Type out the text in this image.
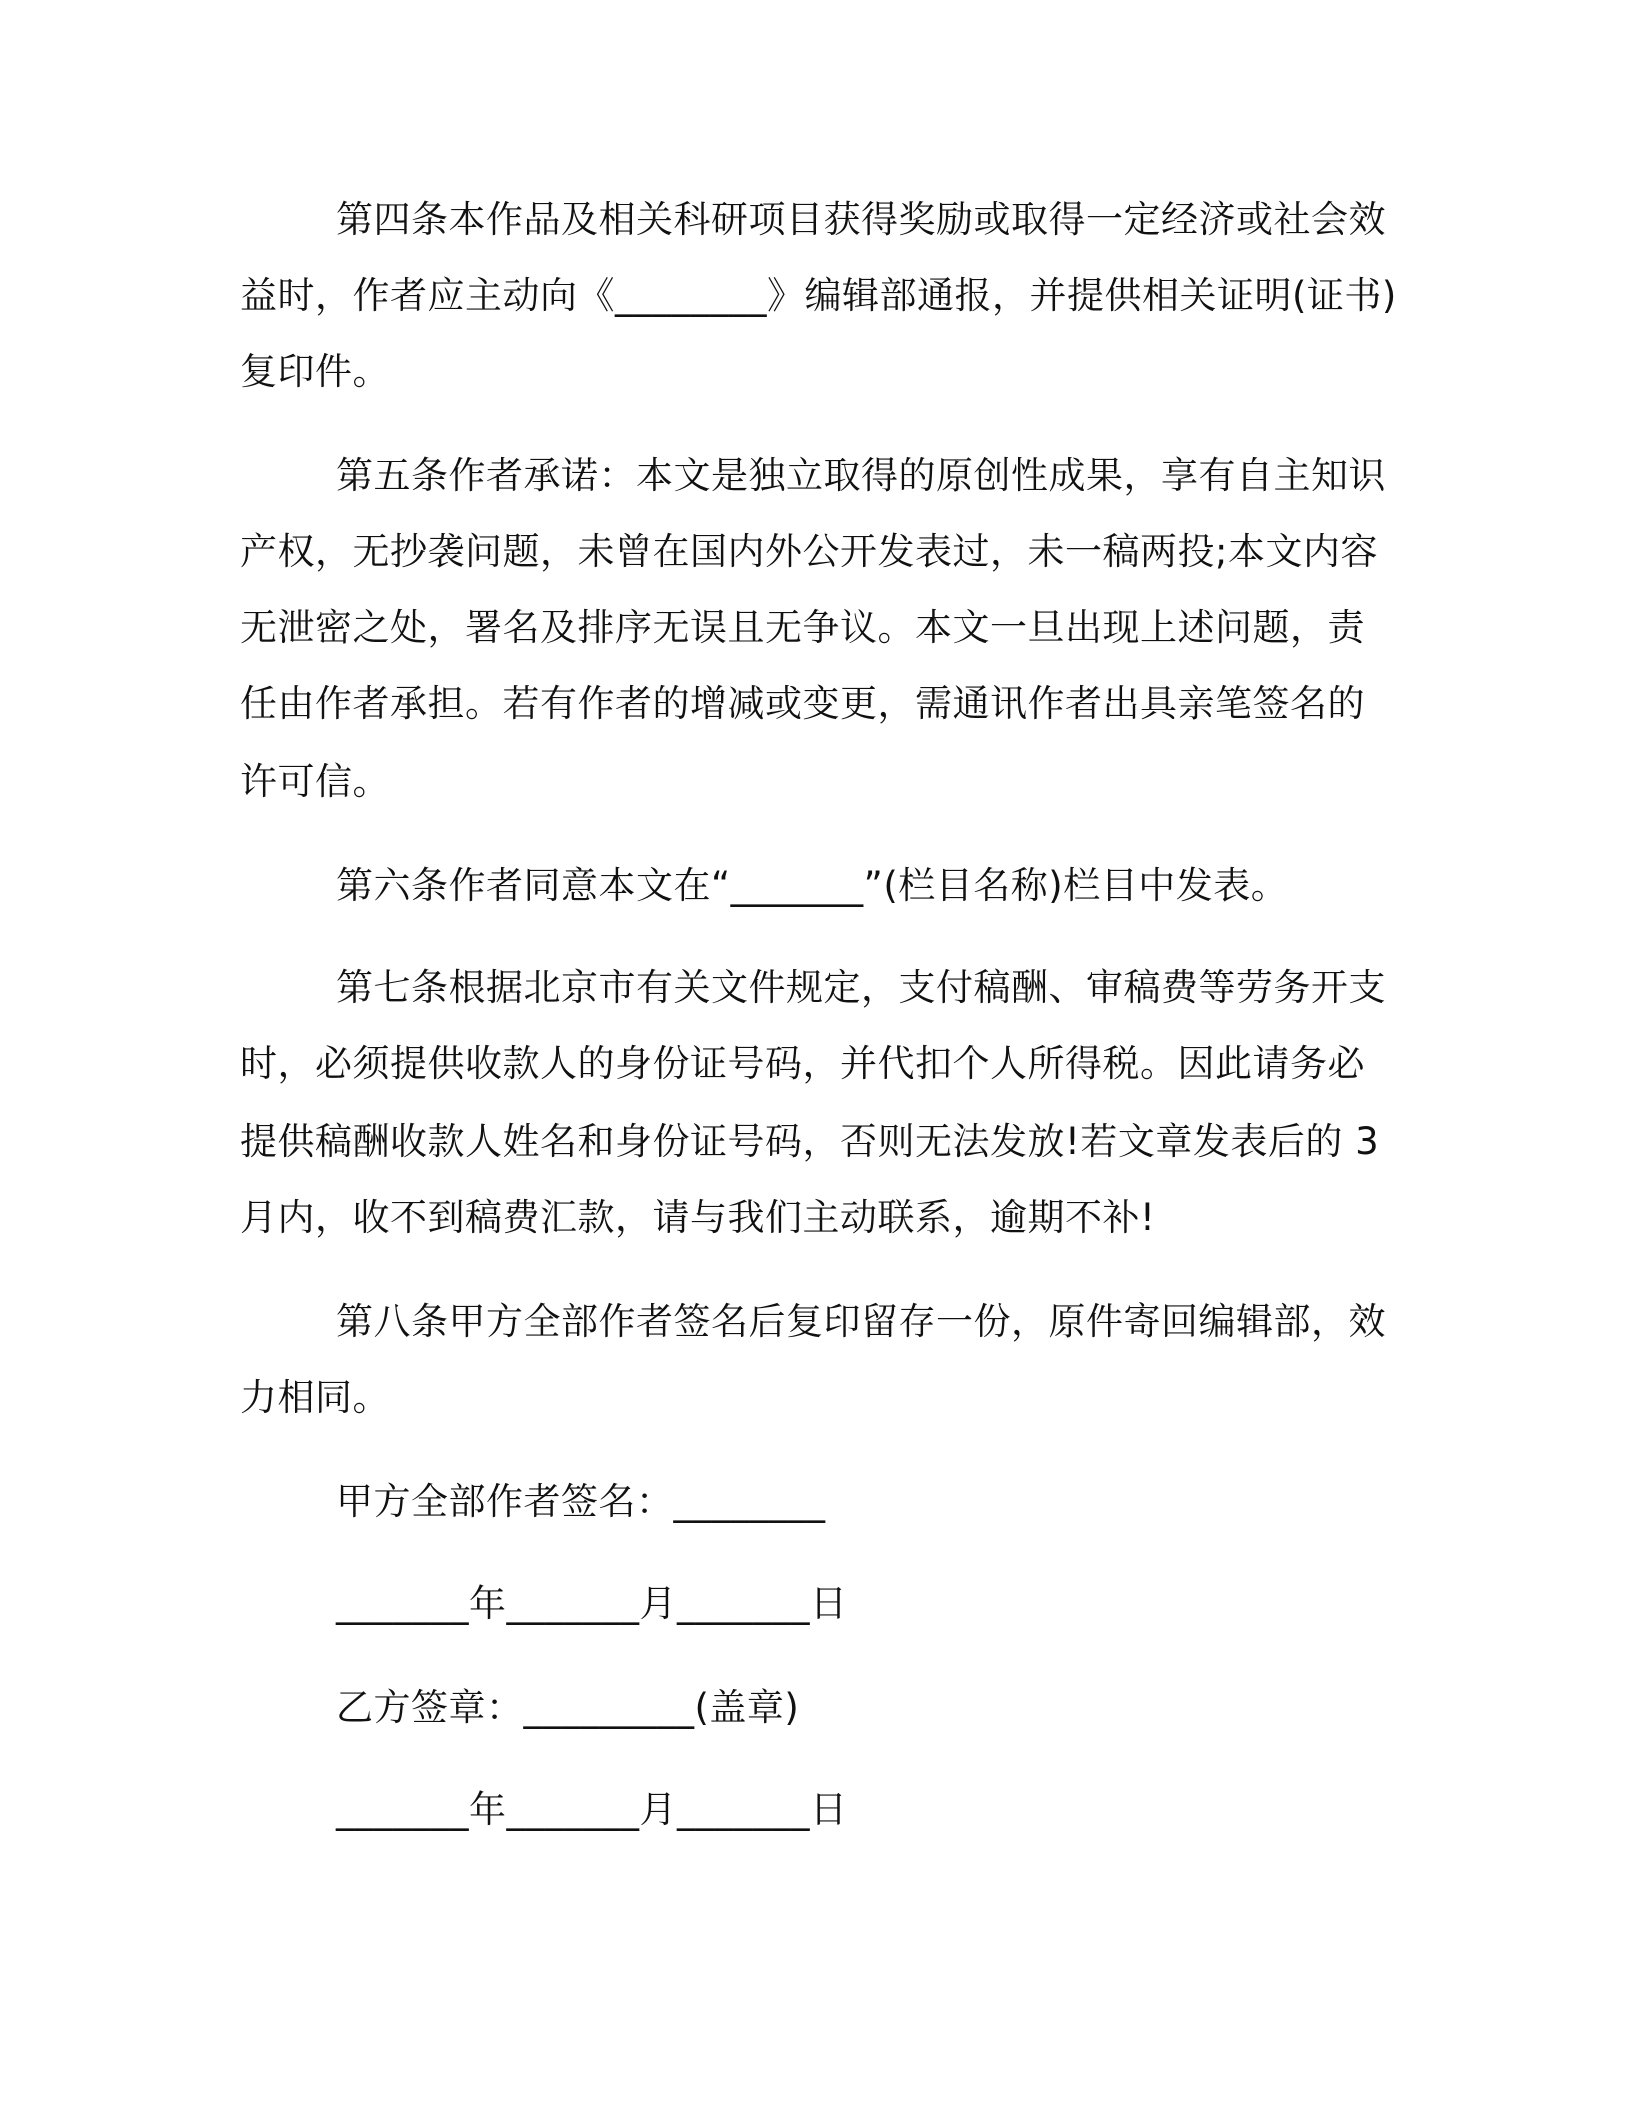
第四条本作品及相关科研项目获得奖励或取得一定经济或社会效
益时，作者应主动向《________》编辑部通报，并提供相关证明(证书)
复印件。
第五条作者承诺：本文是独立取得的原创性成果，享有自主知识
产权，无抄袭问题，未曾在国内外公开发表过，未一稿两投;本文内容
无泄密之处，署名及排序无误且无争议。本文一旦出现上述问题，责
任由作者承担。若有作者的增减或变更，需通讯作者出具亲笔签名的
许可信。
第六条作者同意本文在“_______”(栏目名称)栏目中发表。
第七条根据北京市有关文件规定，支付稿酬、审稿费等劳务开支
时，必须提供收款人的身份证号码，并代扣个人所得税。因此请务必
提供稿酬收款人姓名和身份证号码，否则无法发放!若文章发表后的 3
月内，收不到稿费汇款，请与我们主动联系，逾期不补!
第八条甲方全部作者签名后复印留存一份，原件寄回编辑部，效
力相同。
甲方全部作者签名：________
_______年_______月_______日
乙方签章：_________(盖章)
_______年_______月_______日
